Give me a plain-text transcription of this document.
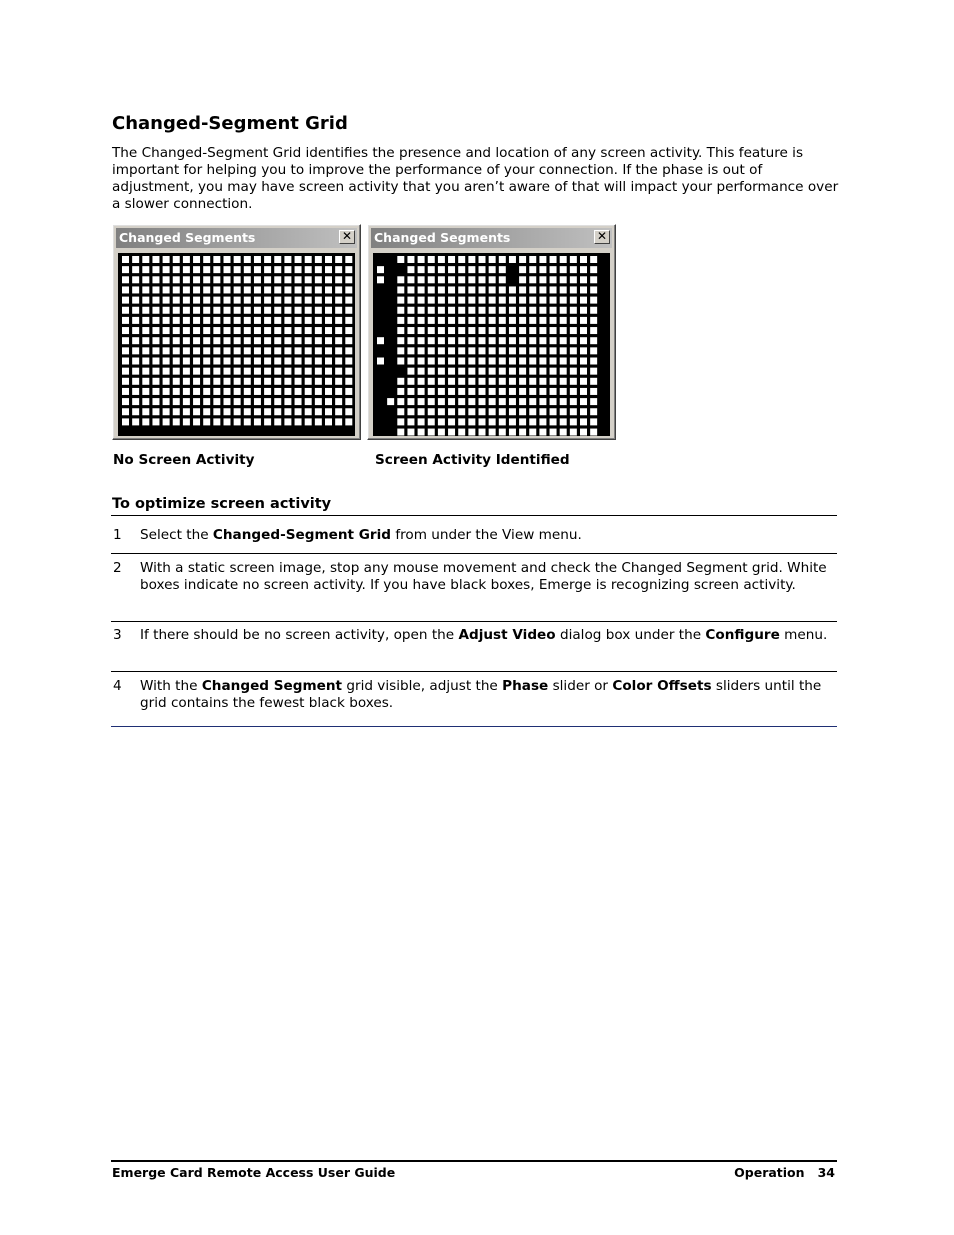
Changed-Segment Grid

The Changed-Segment Grid identifies the presence and location of any screen activity. This feature is important for helping you to improve the performance of your connection. If the phase is out of adjustment, you may have screen activity that you aren’t aware of that will impact your performance over a slower connection.

Changed Segments	✕ Changed Segments	✕

No Screen Activity	Screen Activity Identified

To optimize screen activity
1 Select the Changed-Segment Grid from under the View menu.

2 With a static screen image, stop any mouse movement and check the Changed Segment grid. White boxes indicate no screen activity. If you have black boxes, Emerge is recognizing screen activity.

3 If there should be no screen activity, open the Adjust Video dialog box under the Configure menu.

4 With the Changed Segment grid visible, adjust the Phase slider or Color Offsets sliders until the grid contains the fewest black boxes.

Emerge Card Remote Access User Guide	Operation   34
